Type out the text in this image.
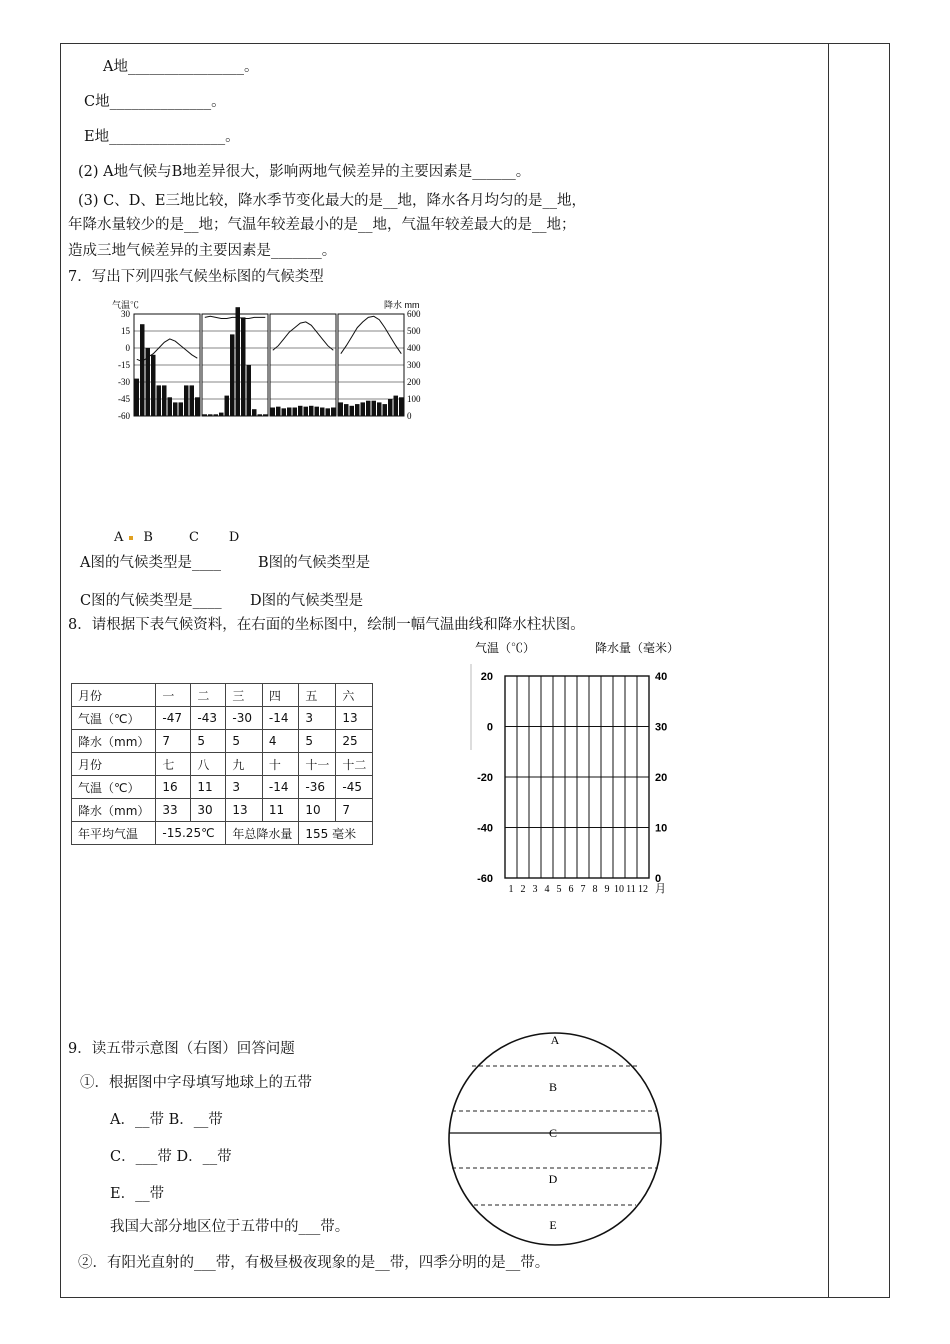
A地________________。
C地______________。
E地________________。
(2) A地气候与B地差异很大，影响两地气候差异的主要因素是______。
(3) C、D、E三地比较，降水季节变化最大的是__地，降水各月均匀的是__地，
年降水量较少的是__地；气温年较差最小的是__地，气温年较差最大的是__地；
造成三地气候差异的主要因素是_______。
7．写出下列四张气候坐标图的气候类型
气温℃	降水 mm
30
15
0
-15
-30
-45
-60
600
500
400
300
200
100
0
A B	C D
A图的气候类型是____	B图的气候类型是
C图的气候类型是____ D图的气候类型是
8．请根据下表气候资料，在右面的坐标图中，绘制一幅气温曲线和降水柱状图。
月份	一	二	三	四	五	六
气温（℃）	-47	-43	-30	-14	3	13
降水（mm）	7	5	5	4	5	25
月份	七	八	九	十	十一	十二
气温（℃）	16	11	3	-14	-36	-45
降水（mm）	33	30	13	11	10	7
年平均气温	-15.25℃		年总降水量		155 毫米	
气温（℃）	降水量（毫米）
20
0
-20
-40
-60
40
30
20
10
0
1 2 3 4 5 6 7 8 9 10 11 12 月
9．读五带示意图（右图）回答问题
①．根据图中字母填写地球上的五带
A．__带 B．__带
C．___带 D．__带
E．__带
我国大部分地区位于五带中的___带。
②．有阳光直射的___带，有极昼极夜现象的是__带，四季分明的是__带。
A
B
C
D
E
